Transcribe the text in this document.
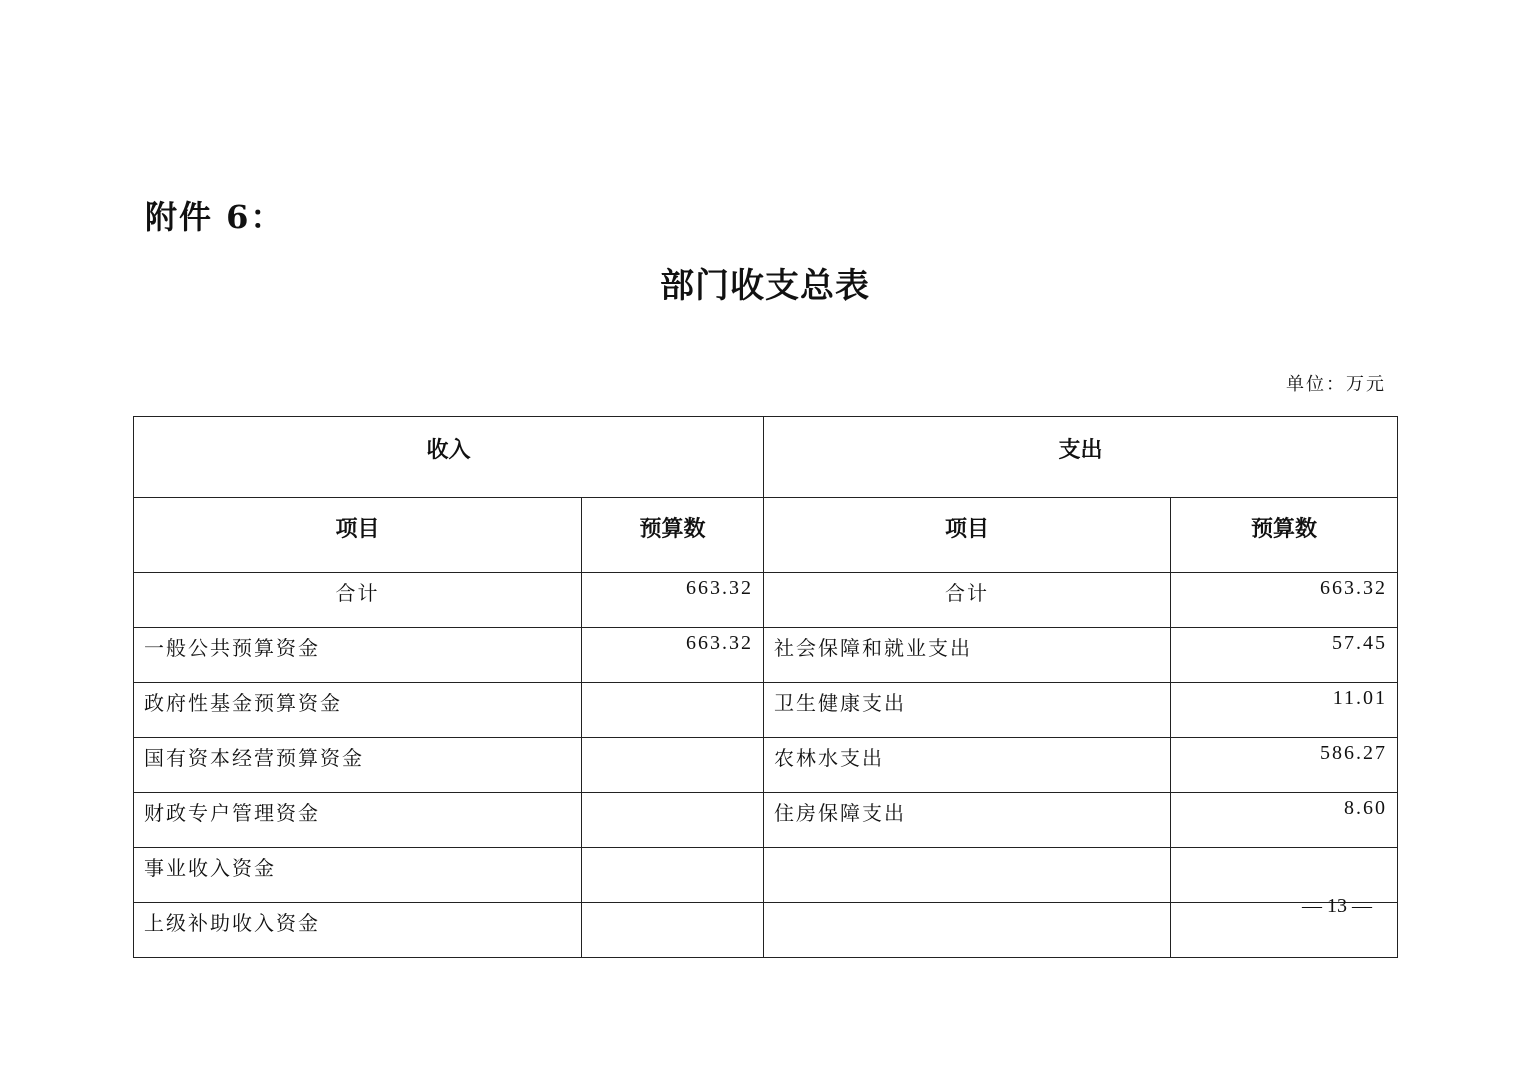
附件 6：
部门收支总表
单位：万元
收入		支出	
项目	预算数	项目	预算数
合计	663.32	合计	663.32
一般公共预算资金	663.32	社会保障和就业支出	57.45
政府性基金预算资金		卫生健康支出	11.01
国有资本经营预算资金		农林水支出	586.27
财政专户管理资金		住房保障支出	8.60
事业收入资金			
上级补助收入资金			
— 13 —
